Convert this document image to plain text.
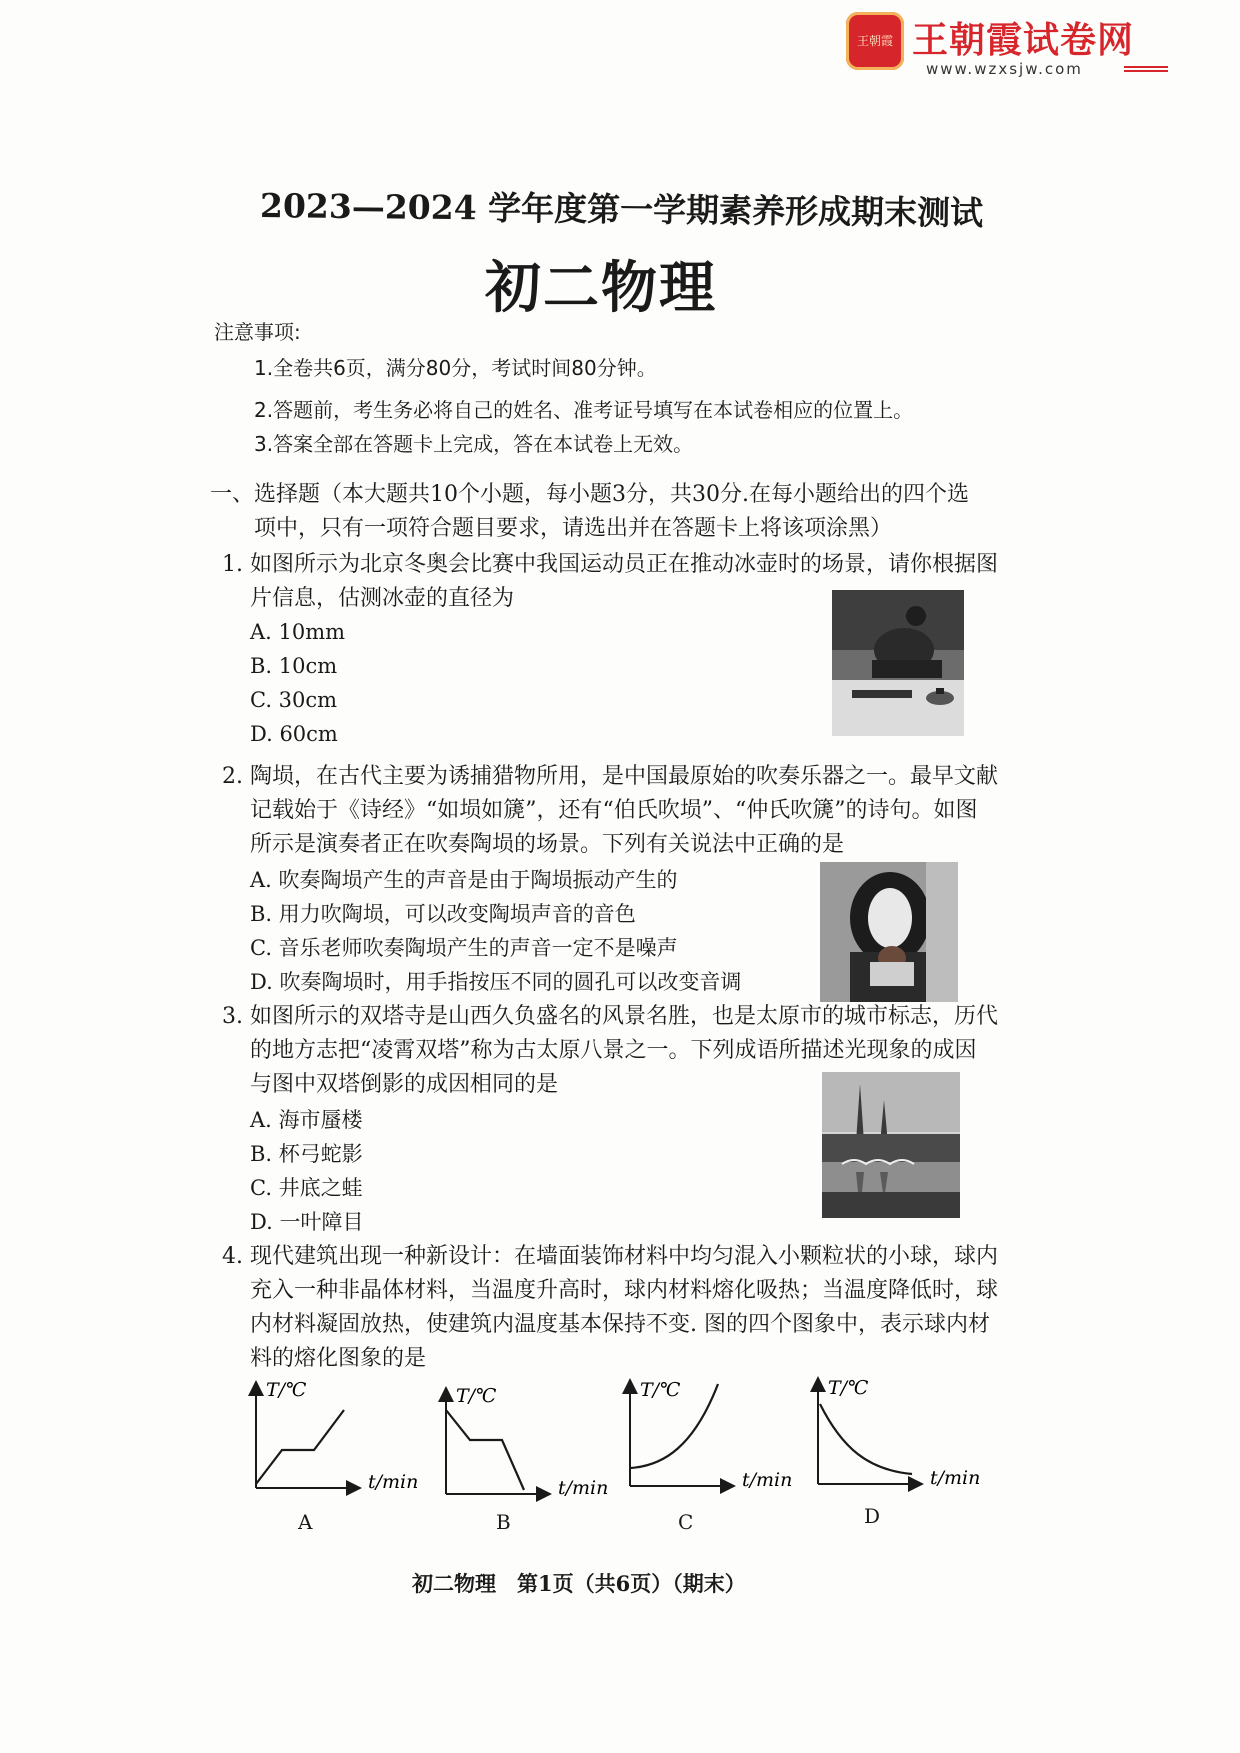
王朝霞 王朝霞试卷网
www.wzxsjw.com
2023—2024 学年度第一学期素养形成期末测试
初二物理
注意事项:
1.全卷共6页，满分80分，考试时间80分钟。
2.答题前，考生务必将自己的姓名、准考证号填写在本试卷相应的位置上。
3.答案全部在答题卡上完成，答在本试卷上无效。
一、选择题（本大题共10个小题，每小题3分，共30分.在每小题给出的四个选
项中，只有一项符合题目要求，请选出并在答题卡上将该项涂黑）
1. 如图所示为北京冬奥会比赛中我国运动员正在推动冰壶时的场景，请你根据图
片信息，估测冰壶的直径为
A. 10mm
B. 10cm
C. 30cm
D. 60cm
2. 陶埙，在古代主要为诱捕猎物所用，是中国最原始的吹奏乐器之一。最早文献
记载始于《诗经》“如埙如篪”，还有“伯氏吹埙”、“仲氏吹篪”的诗句。如图
所示是演奏者正在吹奏陶埙的场景。下列有关说法中正确的是
A. 吹奏陶埙产生的声音是由于陶埙振动产生的
B. 用力吹陶埙，可以改变陶埙声音的音色
C. 音乐老师吹奏陶埙产生的声音一定不是噪声
D. 吹奏陶埙时，用手指按压不同的圆孔可以改变音调
3. 如图所示的双塔寺是山西久负盛名的风景名胜，也是太原市的城市标志，历代
的地方志把“凌霄双塔”称为古太原八景之一。下列成语所描述光现象的成因
与图中双塔倒影的成因相同的是
A. 海市蜃楼
B. 杯弓蛇影
C. 井底之蛙
D. 一叶障目
4. 现代建筑出现一种新设计：在墙面装饰材料中均匀混入小颗粒状的小球，球内
充入一种非晶体材料，当温度升高时，球内材料熔化吸热；当温度降低时，球
内材料凝固放热，使建筑内温度基本保持不变. 图的四个图象中，表示球内材
料的熔化图象的是
T/℃
t/min
T/℃
t/min
T/℃
t/min
T/℃
t/min
A	B	C	D
初二物理　第1页（共6页）（期末）
